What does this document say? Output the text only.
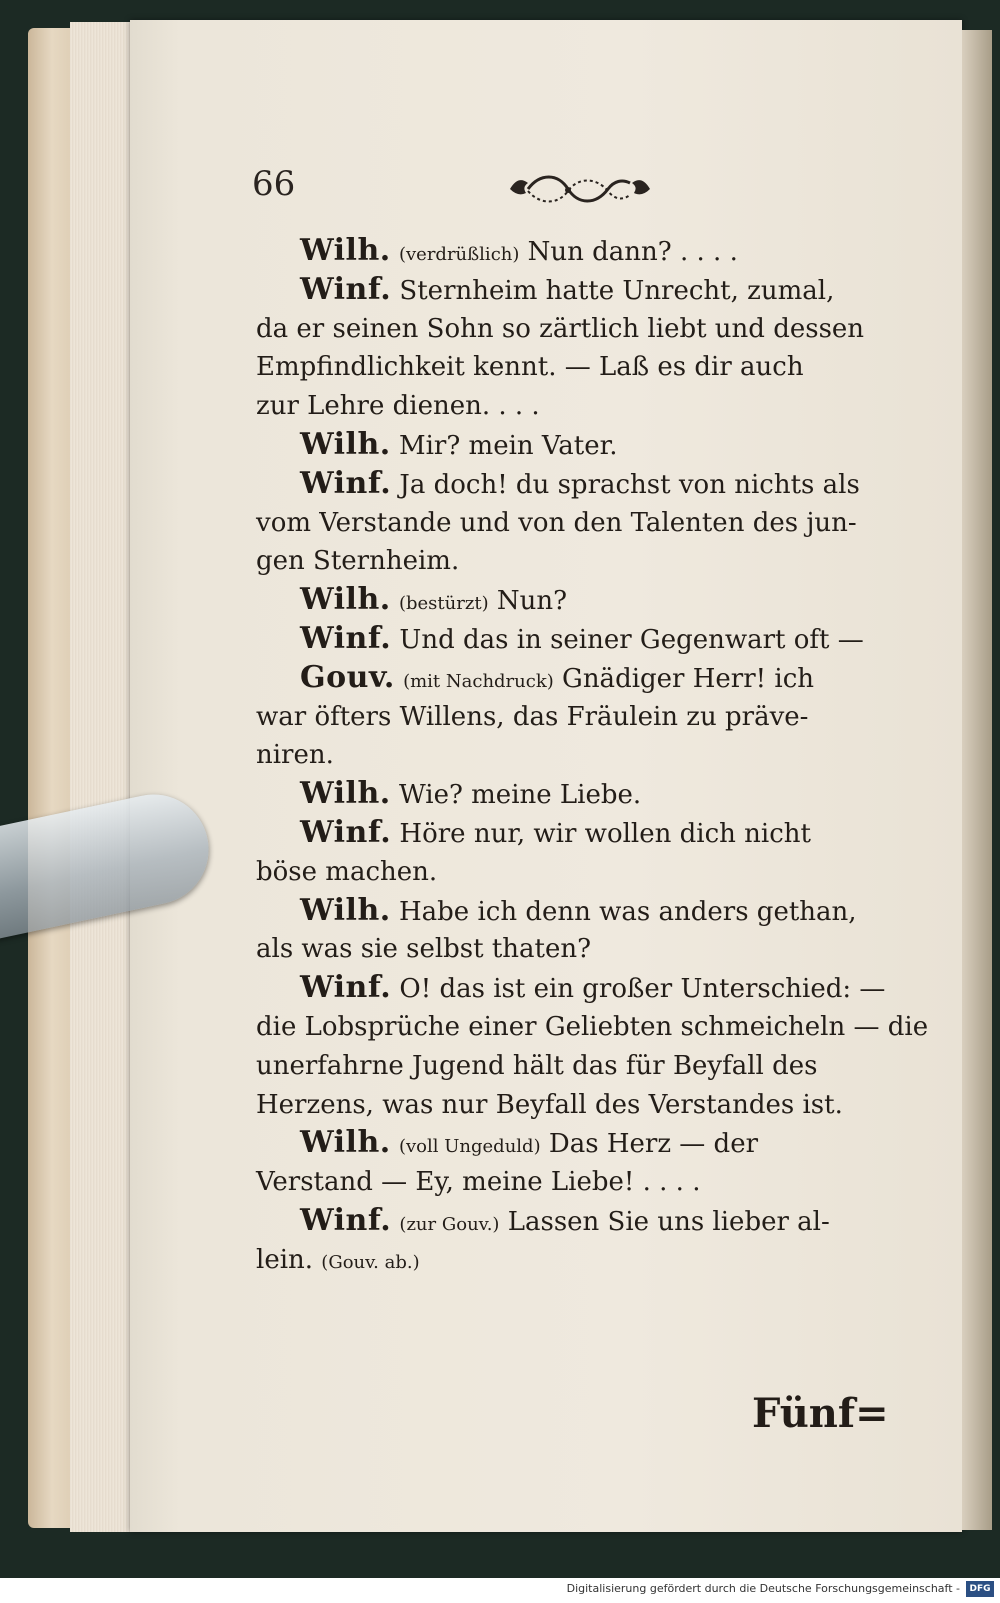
66
Wilh. (verdrüßlich) Nun dann? . . . .
Winf. Sternheim hatte Unrecht, zumal,
da er seinen Sohn so zärtlich liebt und dessen
Empfindlichkeit kennt. — Laß es dir auch
zur Lehre dienen. . . .
Wilh. Mir? mein Vater.
Winf. Ja doch! du sprachst von nichts als
vom Verstande und von den Talenten des jun-
gen Sternheim.
Wilh. (bestürzt) Nun?
Winf. Und das in seiner Gegenwart oft —
Gouv. (mit Nachdruck) Gnädiger Herr! ich
war öfters Willens, das Fräulein zu präve-
niren.
Wilh. Wie? meine Liebe.
Winf. Höre nur, wir wollen dich nicht
böse machen.
Wilh. Habe ich denn was anders gethan,
als was sie selbst thaten?
Winf. O! das ist ein großer Unterschied: —
die Lobsprüche einer Geliebten schmeicheln — die
unerfahrne Jugend hält das für Beyfall des
Herzens, was nur Beyfall des Verstandes ist.
Wilh. (voll Ungeduld) Das Herz — der
Verstand — Ey, meine Liebe! . . . .
Winf. (zur Gouv.) Lassen Sie uns lieber al-
lein. (Gouv. ab.)
Fünf=
Digitalisierung gefördert durch die Deutsche Forschungsgemeinschaft -	DFG
